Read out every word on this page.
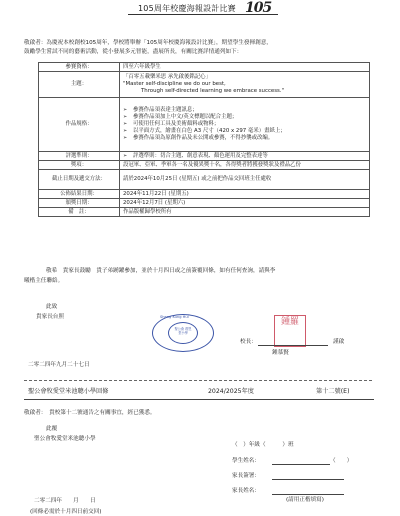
105周年校慶海報設計比賽 105
敬啟者：為慶祝本校創校105周年，學校將舉辦「105周年校慶海報設計比賽」，期望學生發揮創意，
鼓勵學生嘗試不同的藝術活動，從小發展多元智能，盡展所長，有關比賽詳情通列如下：
參賽資格：	四至六年級學生
主題：	「百零五載樂米思 承先啟後銘記心」
"Master self-discipline we do our best,
Through self-directed learning we embrace success."

作品規格：	➢ 參賽作品須表達主題訊息；
➢ 參賽作品須加上中文/英文標題以配合主題；
➢ 可使用任何工具及美術顏料或物料；
➢ 以平面方式，繪畫在白色 A3 尺寸（420 x 297 毫米）畫紙上；
➢ 參賽作品須為原創作品及未公開或參賽，不得抄襲或改編。

評選準則：	➢ 評選準則：切合主題、創意表現、顏色運用及完整表達等

獎項：	設冠軍、亞軍、季軍各一名及優異獎十名，各得獎者將獲發獎狀及禮品乙份
截止日期及遞交方法：	請於2024年10月25日 (星期五) 或之前把作品交回班主任處收
公佈結果日期：	2024年11月22日 (星期五)
頒獎日期：	2024年12月7日 (星期六)
備　註：	作品版權歸學校所有
敬希　貴家長鼓勵　貴子弟踴躍參加，並於十月四日或之前簽覆回條，如有任何查詢，請與李
曦楷主任聯絡。
此致
貴家長台照	Sheng Kung Hui
聖公會 救恩堂小學
鍾羅
校長：	謹啟
鍾慕賢
二零二四年九月二十七日
聖公會牧愛堂米池聰小學回條	2024/2025年度	第十二號(E)
敬啟者：　貴校第十二號通告之有關事宜，經已獲悉。
此覆
聖公會牧愛堂米池聰小學
（　）年級（　　　）班
學生姓名：	（　　）
家長簽署：
家長姓名：
(請用正楷填寫)
二零二四年　　月　　日
(回條必需於十月四日前交回)
